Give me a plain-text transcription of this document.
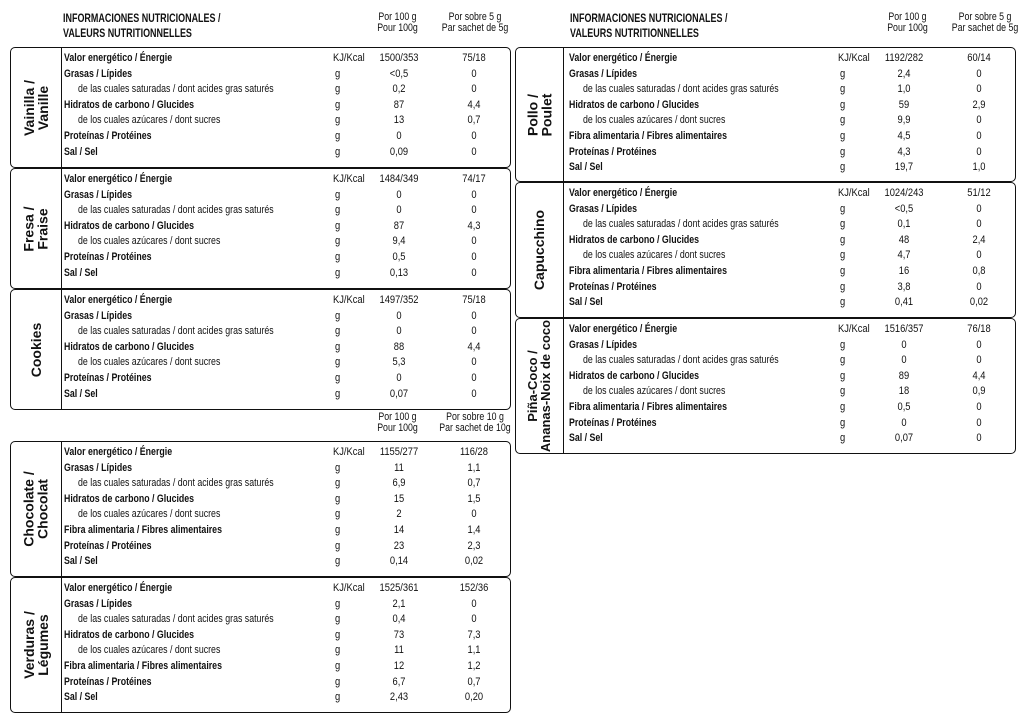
INFORMACIONES NUTRICIONALES /
VALEURS NUTRITIONNELLES
Por 100 g
Pour 100g
Por sobre 5 g
Par sachet de 5g
INFORMACIONES NUTRICIONALES /
VALEURS NUTRITIONNELLES
Por 100 g
Pour 100g
Por sobre 5 g
Par sachet de 5g
Por 100 g
Pour 100g
Por sobre 10 g
Par sachet de 10g
Vainilla /
Vanille
Valor energético / Énergie	KJ/Kcal 1500/353	75/18
Grasas / Lípides	g	<0,5	0
de las cuales saturadas / dont acides gras saturés	g	0,2	0
Hidratos de carbono / Glucides	g	87	4,4
de los cuales azúcares / dont sucres	g	13	0,7
Proteínas / Protéines	g	0	0
Sal / Sel	g	0,09	0
Fresa /
Fraise
Valor energético / Énergie	KJ/Kcal 1484/349	74/17
Grasas / Lípides	g	0	0
de las cuales saturadas / dont acides gras saturés	g	0	0
Hidratos de carbono / Glucides	g	87	4,3
de los cuales azúcares / dont sucres	g	9,4	0
Proteínas / Protéines	g	0,5	0
Sal / Sel	g	0,13	0
Cookies
Valor energético / Énergie	KJ/Kcal 1497/352	75/18
Grasas / Lípides	g	0	0
de las cuales saturadas / dont acides gras saturés	g	0	0
Hidratos de carbono / Glucides	g	88	4,4
de los cuales azúcares / dont sucres	g	5,3	0
Proteínas / Protéines	g	0	0
Sal / Sel	g	0,07	0
Chocolate /
Chocolat
Valor energético / Énergie	KJ/Kcal 1155/277	116/28
Grasas / Lípides	g	11	1,1
de las cuales saturadas / dont acides gras saturés	g	6,9	0,7
Hidratos de carbono / Glucides	g	15	1,5
de los cuales azúcares / dont sucres	g	2	0
Fibra alimentaria / Fibres alimentaires	g	14	1,4
Proteínas / Protéines	g	23	2,3
Sal / Sel	g	0,14	0,02
Verduras /
Légumes
Valor energético / Énergie	KJ/Kcal 1525/361	152/36
Grasas / Lípides	g	2,1	0
de las cuales saturadas / dont acides gras saturés	g	0,4	0
Hidratos de carbono / Glucides	g	73	7,3
de los cuales azúcares / dont sucres	g	11	1,1
Fibra alimentaria / Fibres alimentaires	g	12	1,2
Proteínas / Protéines	g	6,7	0,7
Sal / Sel	g	2,43	0,20
Pollo /
Poulet
Valor energético / Énergie	KJ/Kcal 1192/282	60/14
Grasas / Lípides	g	2,4	0
de las cuales saturadas / dont acides gras saturés	g	1,0	0
Hidratos de carbono / Glucides	g	59	2,9
de los cuales azúcares / dont sucres	g	9,9	0
Fibra alimentaria / Fibres alimentaires	g	4,5	0
Proteínas / Protéines	g	4,3	0
Sal / Sel	g	19,7	1,0
Capucchino
Valor energético / Énergie	KJ/Kcal 1024/243	51/12
Grasas / Lípides	g	<0,5	0
de las cuales saturadas / dont acides gras saturés	g	0,1	0
Hidratos de carbono / Glucides	g	48	2,4
de los cuales azúcares / dont sucres	g	4,7	0
Fibra alimentaria / Fibres alimentaires	g	16	0,8
Proteínas / Protéines	g	3,8	0
Sal / Sel	g	0,41	0,02
Piña-Coco /
Ananas-Noix de coco Valor energético / Énergie	KJ/Kcal 1516/357	76/18
Grasas / Lípides	g	0	0
de las cuales saturadas / dont acides gras saturés	g	0	0
Hidratos de carbono / Glucides	g	89	4,4
de los cuales azúcares / dont sucres	g	18	0,9
Fibra alimentaria / Fibres alimentaires	g	0,5	0
Proteínas / Protéines	g	0	0
Sal / Sel	g	0,07	0
